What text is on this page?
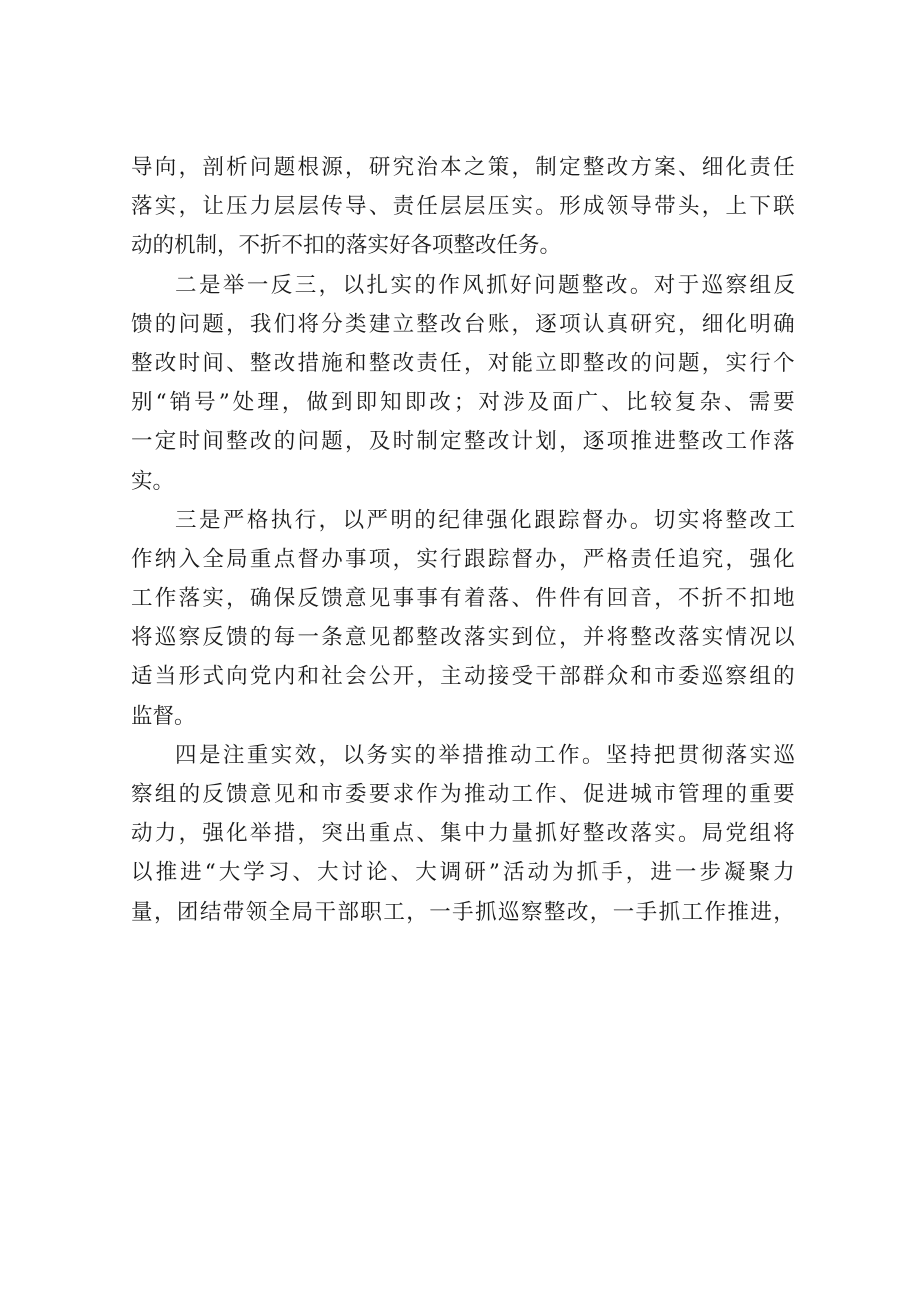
导 向 ， 剖 析 问 题 根 源 ， 研 究 治 本 之 策 ， 制 定 整 改 方 案 、 细 化 责 任
落 实 ， 让 压 力 层 层 传 导 、 责 任 层 层 压 实 。 形 成 领 导 带 头 ， 上 下 联
动的机制，不折不扣的落实好各项整改任务。
二 是 举 一 反 三 ， 以 扎 实 的 作 风 抓 好 问 题 整 改 。 对 于 巡 察 组 反
馈 的 问 题 ， 我 们 将 分 类 建 立 整 改 台 账 ， 逐 项 认 真 研 究 ， 细 化 明 确
整 改 时 间 、 整 改 措 施 和 整 改 责 任 ， 对 能 立 即 整 改 的 问 题 ， 实 行 个
别 “ 销 号 ” 处 理 ， 做 到 即 知 即 改 ； 对 涉 及 面 广 、 比 较 复 杂 、 需 要
一 定 时 间 整 改 的 问 题 ， 及 时 制 定 整 改 计 划 ， 逐 项 推 进 整 改 工 作 落
实。
三 是 严 格 执 行 ， 以 严 明 的 纪 律 强 化 跟 踪 督 办 。 切 实 将 整 改 工
作 纳 入 全 局 重 点 督 办 事 项 ， 实 行 跟 踪 督 办 ， 严 格 责 任 追 究 ， 强 化
工 作 落 实 ， 确 保 反 馈 意 见 事 事 有 着 落 、 件 件 有 回 音 ， 不 折 不 扣 地
将 巡 察 反 馈 的 每 一 条 意 见 都 整 改 落 实 到 位 ， 并 将 整 改 落 实 情 况 以
适 当 形 式 向 党 内 和 社 会 公 开 ， 主 动 接 受 干 部 群 众 和 市 委 巡 察 组 的
监督。
四 是 注 重 实 效 ， 以 务 实 的 举 措 推 动 工 作 。 坚 持 把 贯 彻 落 实 巡
察 组 的 反 馈 意 见 和 市 委 要 求 作 为 推 动 工 作 、 促 进 城 市 管 理 的 重 要
动 力 ， 强 化 举 措 ， 突 出 重 点 、 集 中 力 量 抓 好 整 改 落 实 。 局 党 组 将
以 推 进 “ 大 学 习 、 大 讨 论 、 大 调 研 ” 活 动 为 抓 手 ， 进 一 步 凝 聚 力
量 ， 团 结 带 领 全 局 干 部 职 工 ， 一 手 抓 巡 察 整 改 ， 一 手 抓 工 作 推 进 ，
